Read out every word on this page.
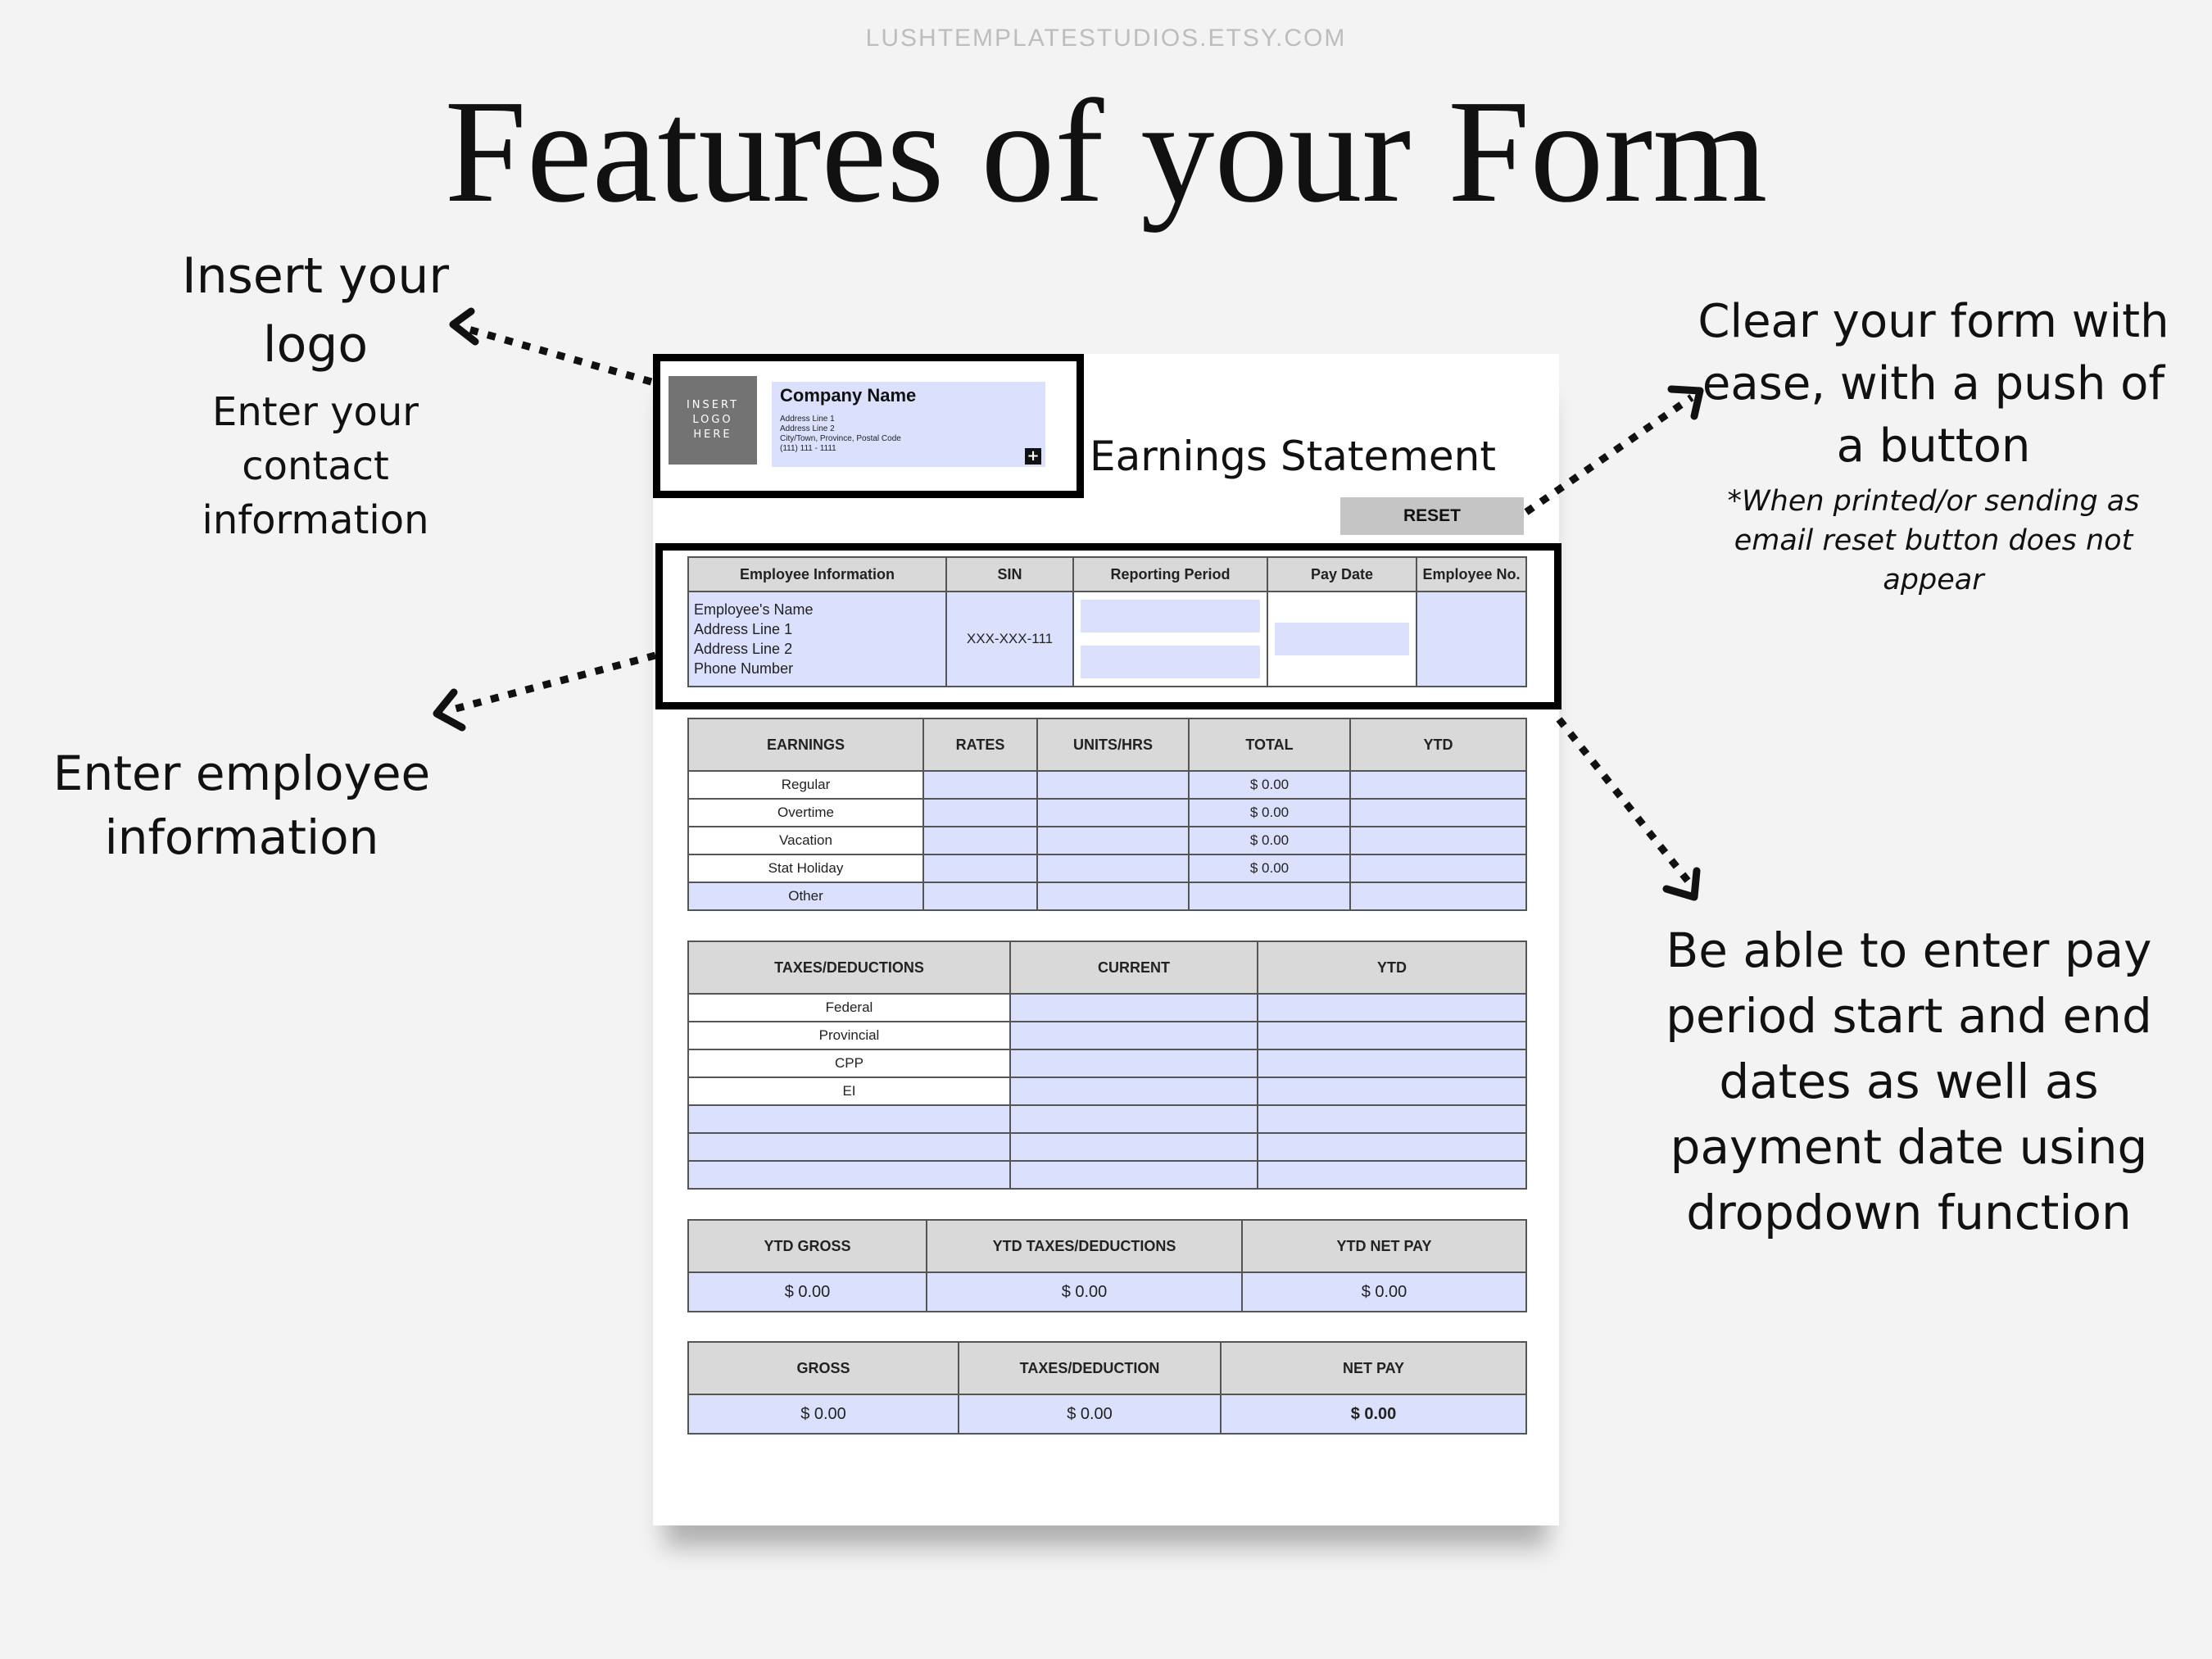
LUSHTEMPLATESTUDIOS.ETSY.COM
Features of your Form
Insert your logo
Enter your contact information
Enter employee information
Clear your form with ease, with a push of a button
*When printed/or sending as email reset button does not appear
Be able to enter pay period start and end dates as well as payment date using dropdown function
INSERT LOGO HERE
Company Name
Address Line 1
Address Line 2
City/Town, Province, Postal Code
(111) 111 - 1111	+ Earnings Statement
RESET
Employee Information	SIN	Reporting Period	Pay Date	Employee No.

Employee's Name
Address Line 1
Address Line 2
Phone Number	XXX-XXX-111	

EARNINGS	RATES	UNITS/HRS	TOTAL	YTD
Regular			$ 0.00	
Overtime			$ 0.00	
Vacation			$ 0.00	
Stat Holiday			$ 0.00	
Other				
TAXES/DEDUCTIONS	CURRENT	YTD
Federal		
Provincial		
CPP		
EI		

YTD GROSS	YTD TAXES/DEDUCTIONS	YTD NET PAY
$ 0.00	$ 0.00	$ 0.00
GROSS	TAXES/DEDUCTION	NET PAY
$ 0.00	$ 0.00	$ 0.00
